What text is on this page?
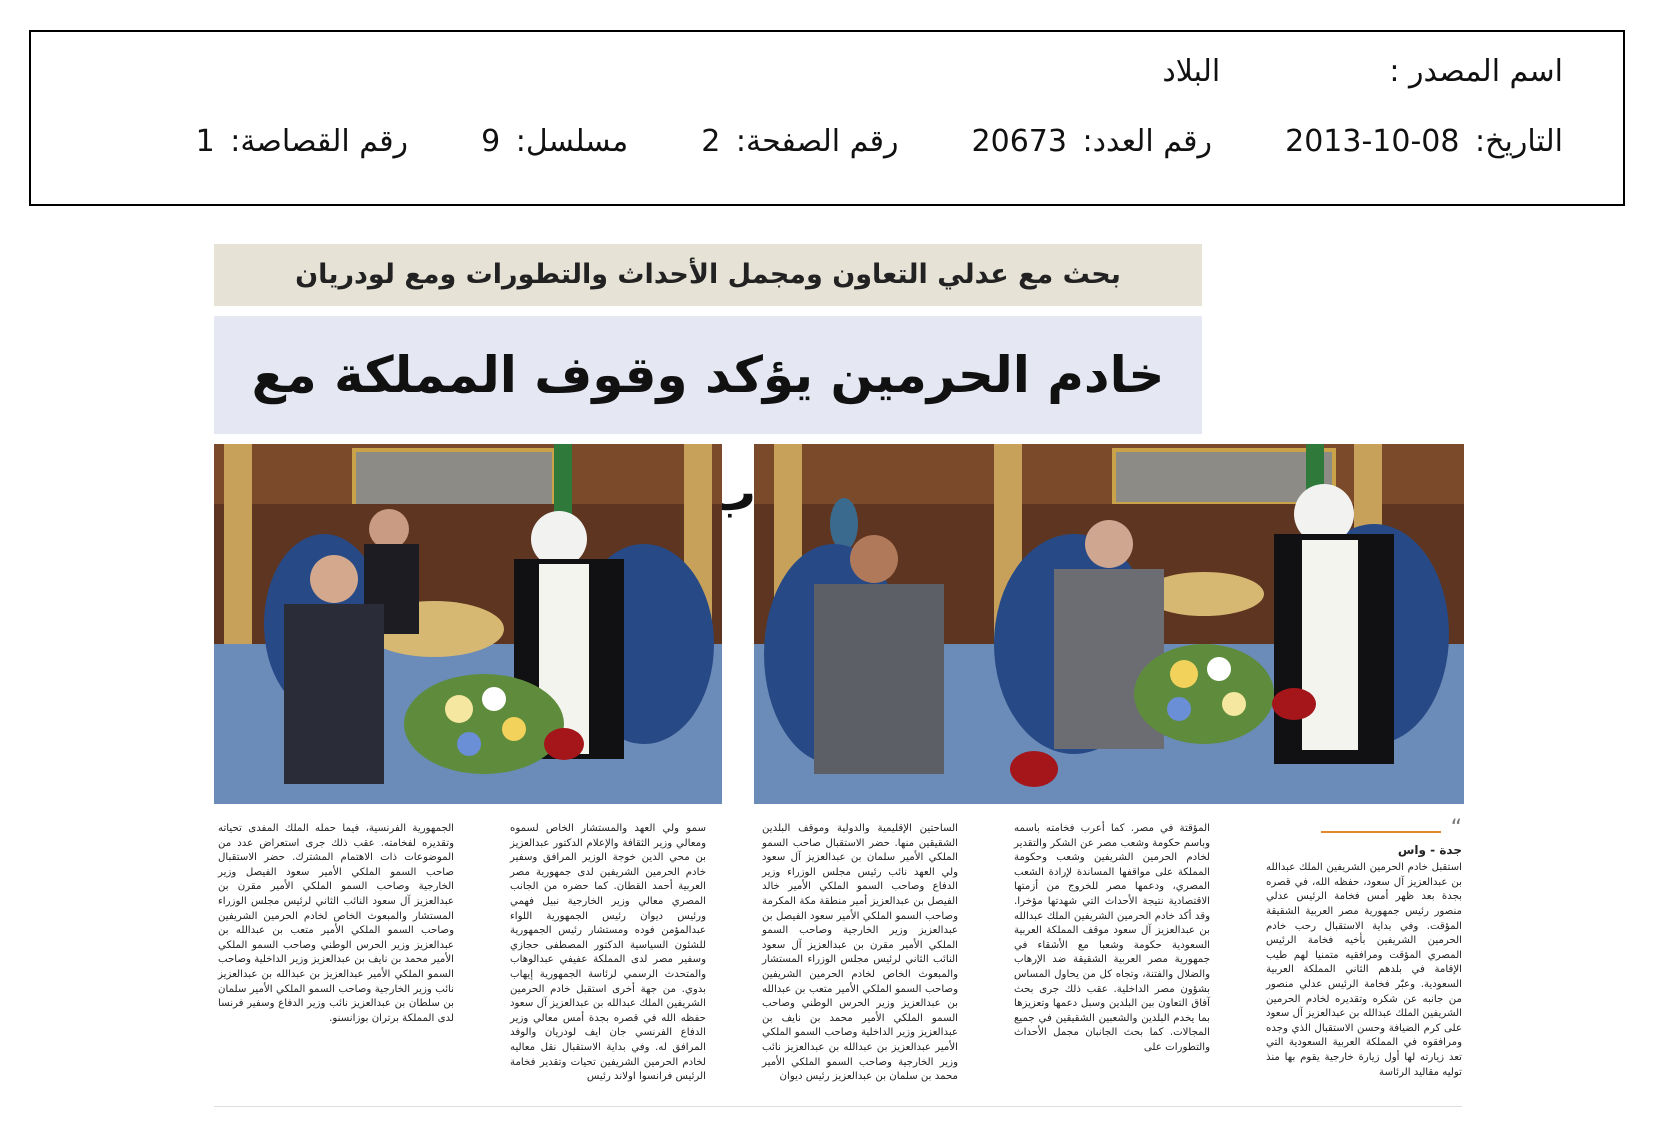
اسم المصدر :  البلاد
التاريخ: 2013-10-08  رقم العدد: 20673  رقم الصفحة: 2  مسلسل: 9  رقم القصاصة: 1
بحث مع عدلي التعاون ومجمل الأحداث والتطورات ومع لودريان
خادم الحرمين يؤكد وقوف المملكة مع

“

جدة - واس

استقبل خادم الحرمين الشريفين الملك عبدالله بن عبدالعزيز آل سعود، حفظه الله، في قصره بجدة بعد ظهر أمس فخامة الرئيس عدلي منصور رئيس جمهورية مصر العربية الشقيقة المؤقت. وفي بداية الاستقبال رحب خادم الحرمين الشريفين بأخيه فخامة الرئيس المصري المؤقت ومرافقيه متمنيا لهم طيب الإقامة في بلدهم الثاني المملكة العربية السعودية. وعبّر فخامة الرئيس عدلي منصور من جانبه عن شكره وتقديره لخادم الحرمين الشريفين الملك عبدالله بن عبدالعزيز آل سعود على كرم الضيافة وحسن الاستقبال الذي وجده ومرافقوه في المملكة العربية السعودية التي تعد زيارته لها أول زيارة خارجية يقوم بها منذ توليه مقاليد الرئاسة

المؤقتة في مصر. كما أعرب فخامته باسمه وباسم حكومة وشعب مصر عن الشكر والتقدير لخادم الحرمين الشريفين وشعب وحكومة المملكة على مواقفها المساندة لإرادة الشعب المصري، ودعمها مصر للخروج من أزمتها الاقتصادية نتيجة الأحداث التي شهدتها مؤخرا. وقد أكد خادم الحرمين الشريفين الملك عبدالله بن عبدالعزيز آل سعود موقف المملكة العربية السعودية حكومة وشعبا مع الأشقاء في جمهورية مصر العربية الشقيقة ضد الإرهاب والضلال والفتنة، وتجاه كل من يحاول المساس بشؤون مصر الداخلية. عقب ذلك جرى بحث آفاق التعاون بين البلدين وسبل دعمها وتعزيزها بما يخدم البلدين والشعبين الشقيقين في جميع المجالات. كما بحث الجانبان مجمل الأحداث والتطورات على

الساحتين الإقليمية والدولية وموقف البلدين الشقيقين منها. حضر الاستقبال صاحب السمو الملكي الأمير سلمان بن عبدالعزيز آل سعود ولي العهد نائب رئيس مجلس الوزراء وزير الدفاع وصاحب السمو الملكي الأمير خالد الفيصل بن عبدالعزيز أمير منطقة مكة المكرمة وصاحب السمو الملكي الأمير سعود الفيصل بن عبدالعزيز وزير الخارجية وصاحب السمو الملكي الأمير مقرن بن عبدالعزيز آل سعود النائب الثاني لرئيس مجلس الوزراء المستشار والمبعوث الخاص لخادم الحرمين الشريفين وصاحب السمو الملكي الأمير متعب بن عبدالله بن عبدالعزيز وزير الحرس الوطني وصاحب السمو الملكي الأمير محمد بن نايف بن عبدالعزيز وزير الداخلية وصاحب السمو الملكي الأمير عبدالعزيز بن عبدالله بن عبدالعزيز نائب وزير الخارجية وصاحب السمو الملكي الأمير محمد بن سلمان بن عبدالعزيز رئيس ديوان

سمو ولي العهد والمستشار الخاص لسموه ومعالي وزير الثقافة والإعلام الدكتور عبدالعزيز بن محي الدين خوجة الوزير المرافق وسفير خادم الحرمين الشريفين لدى جمهورية مصر العربية أحمد القطان. كما حضره من الجانب المصري معالي وزير الخارجية نبيل فهمي ورئيس ديوان رئيس الجمهورية اللواء عبدالمؤمن فوده ومستشار رئيس الجمهورية للشئون السياسية الدكتور المصطفى حجازي وسفير مصر لدى المملكة عفيفي عبدالوهاب والمتحدث الرسمي لرئاسة الجمهورية إيهاب بدوي. من جهة أخرى استقبل خادم الحرمين الشريفين الملك عبدالله بن عبدالعزيز آل سعود حفظه الله في قصره بجدة أمس معالي وزير الدفاع الفرنسي جان ايف لودريان والوفد المرافق له. وفي بداية الاستقبال نقل معاليه لخادم الحرمين الشريفين تحيات وتقدير فخامة الرئيس فرانسوا اولاند رئيس

الجمهورية الفرنسية، فيما حمله الملك المفدى تحياته وتقديره لفخامته. عقب ذلك جرى استعراض عدد من الموضوعات ذات الاهتمام المشترك. حضر الاستقبال صاحب السمو الملكي الأمير سعود الفيصل وزير الخارجية وصاحب السمو الملكي الأمير مقرن بن عبدالعزيز آل سعود النائب الثاني لرئيس مجلس الوزراء المستشار والمبعوث الخاص لخادم الحرمين الشريفين وصاحب السمو الملكي الأمير متعب بن عبدالله بن عبدالعزيز وزير الحرس الوطني وصاحب السمو الملكي الأمير محمد بن نايف بن عبدالعزيز وزير الداخلية وصاحب السمو الملكي الأمير عبدالعزيز بن عبدالله بن عبدالعزيز نائب وزير الخارجية وصاحب السمو الملكي الأمير سلمان بن سلطان بن عبدالعزيز نائب وزير الدفاع وسفير فرنسا لدى المملكة برتران بوزانسنو.
